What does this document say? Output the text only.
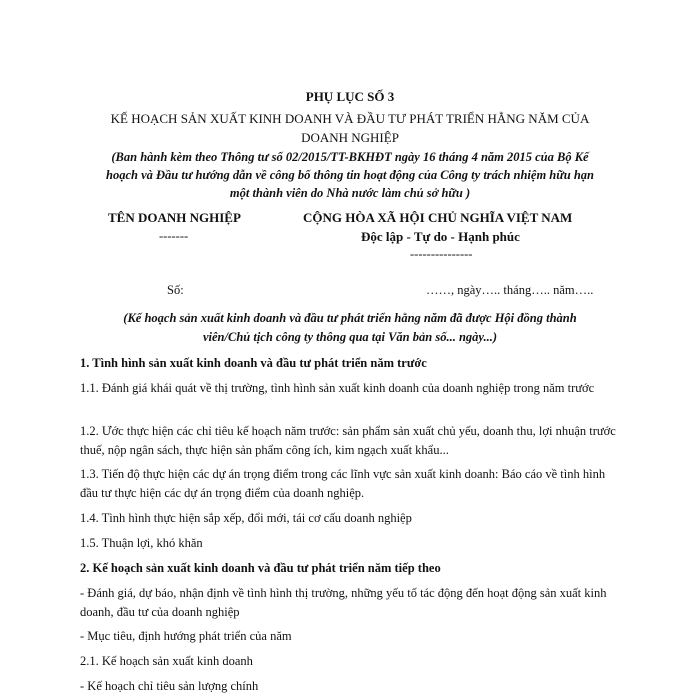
PHỤ LỤC SỐ 3
KẾ HOẠCH SẢN XUẤT KINH DOANH VÀ ĐẦU TƯ PHÁT TRIỂN HẰNG NĂM CỦA
DOANH NGHIỆP
(Ban hành kèm theo Thông tư số 02/2015/TT-BKHĐT ngày 16 tháng 4 năm 2015 của Bộ Kế
hoạch và Đầu tư hướng dẫn về công bố thông tin hoạt động của Công ty trách nhiệm hữu hạn
một thành viên do Nhà nước làm chủ sở hữu )
TÊN DOANH NGHIỆP
-------
CỘNG HÒA XÃ HỘI CHỦ NGHĨA VIỆT NAM
Độc lập - Tự do - Hạnh phúc
---------------
Số:	……, ngày….. tháng….. năm…..
(Kế hoạch sản xuất kinh doanh và đầu tư phát triển hằng năm đã được Hội đồng thành
viên/Chủ tịch công ty thông qua tại Văn bản số... ngày...)
1. Tình hình sản xuất kinh doanh và đầu tư phát triển năm trước
1.1. Đánh giá khái quát về thị trường, tình hình sản xuất kinh doanh của doanh nghiệp trong năm trước
1.2. Ước thực hiện các chỉ tiêu kế hoạch năm trước: sản phẩm sản xuất chủ yếu, doanh thu, lợi nhuận trước thuế, nộp ngân sách, thực hiện sản phẩm công ích, kim ngạch xuất khẩu...
1.3. Tiến độ thực hiện các dự án trọng điểm trong các lĩnh vực sản xuất kinh doanh: Báo cáo về tình hình đầu tư thực hiện các dự án trọng điểm của doanh nghiệp.
1.4. Tình hình thực hiện sắp xếp, đổi mới, tái cơ cấu doanh nghiệp
1.5. Thuận lợi, khó khăn
2. Kế hoạch sản xuất kinh doanh và đầu tư phát triển năm tiếp theo
- Đánh giá, dự báo, nhận định về tình hình thị trường, những yếu tố tác động đến hoạt động sản xuất kinh doanh, đầu tư của doanh nghiệp
- Mục tiêu, định hướng phát triển của năm
2.1. Kế hoạch sản xuất kinh doanh
- Kế hoạch chỉ tiêu sản lượng chính
